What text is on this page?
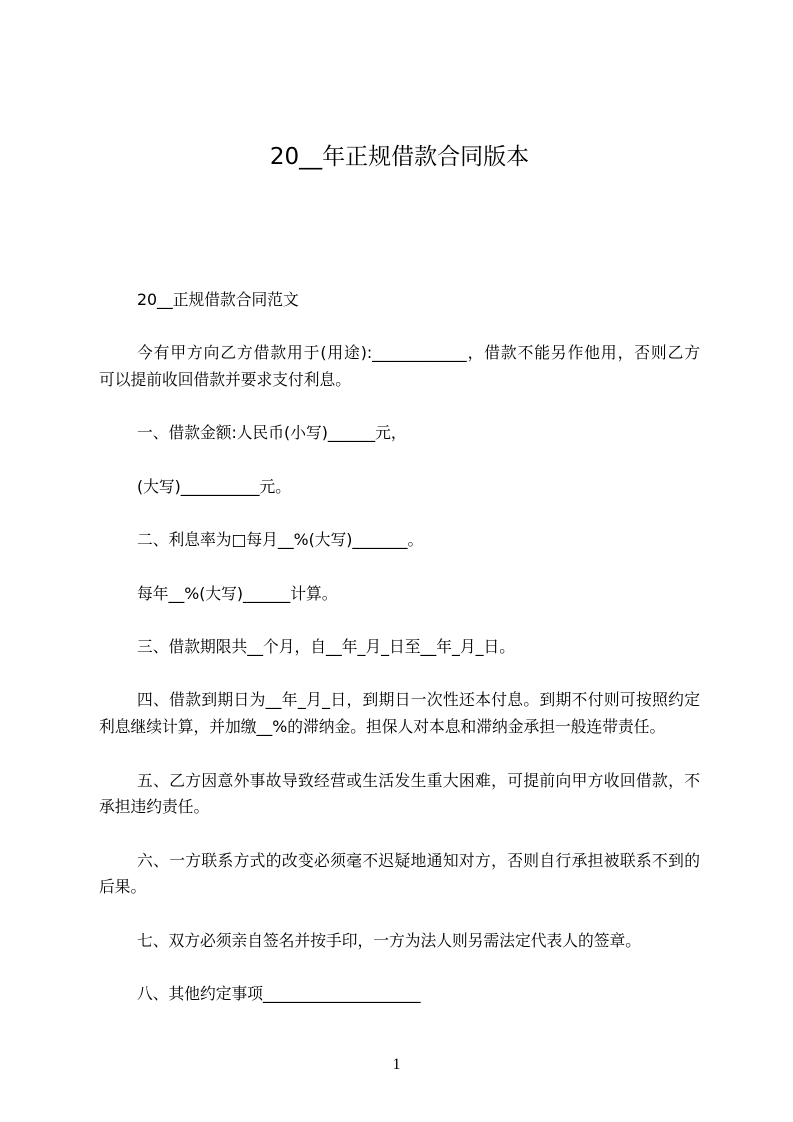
20__年正规借款合同版本
20__正规借款合同范文
今有甲方向乙方借款用于(用途):____________，借款不能另作他用，否则乙方
可以提前收回借款并要求支付利息。
一、借款金额:人民币(小写)______元，
(大写)__________元。
二、利息率为□每月__%(大写)_______。
每年__%(大写)______计算。
三、借款期限共__个月，自__年_月_日至__年_月_日。
四、借款到期日为__年_月_日，到期日一次性还本付息。到期不付则可按照约定
利息继续计算，并加缴__%的滞纳金。担保人对本息和滞纳金承担一般连带责任。
五、乙方因意外事故导致经营或生活发生重大困难，可提前向甲方收回借款，不
承担违约责任。
六、一方联系方式的改变必须毫不迟疑地通知对方，否则自行承担被联系不到的
后果。
七、双方必须亲自签名并按手印，一方为法人则另需法定代表人的签章。
八、其他约定事项____________________
1
